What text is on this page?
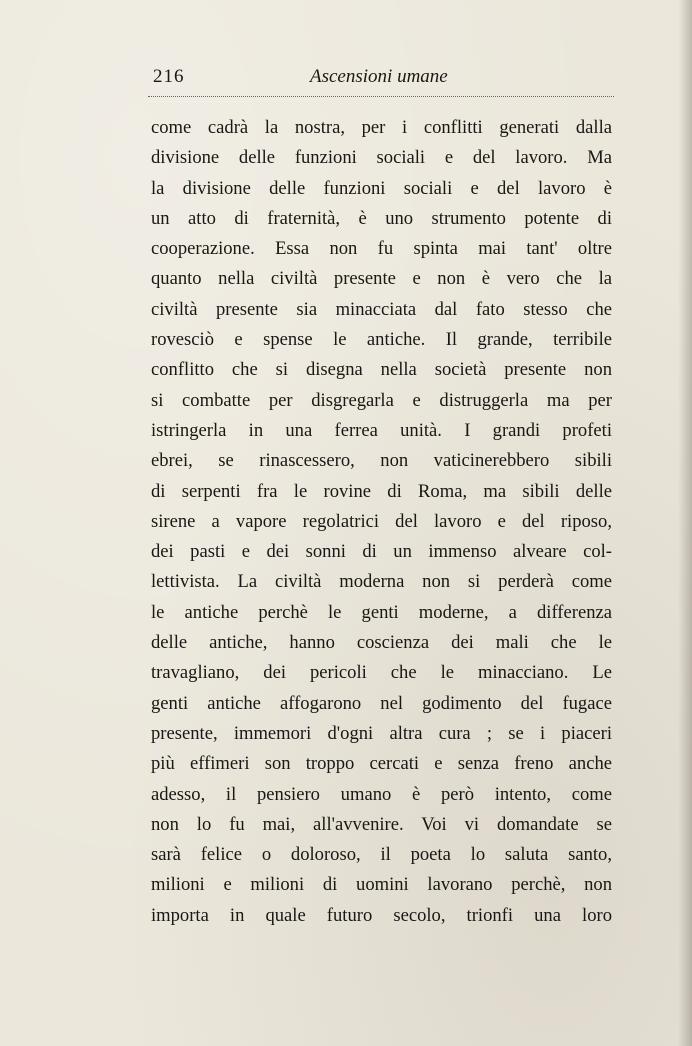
216	Ascensioni umane
come cadrà la nostra, per i conflitti generati dalla
divisione delle funzioni sociali e del lavoro. Ma
la divisione delle funzioni sociali e del lavoro è
un atto di fraternità, è uno strumento potente di
cooperazione. Essa non fu spinta mai tant' oltre
quanto nella civiltà presente e non è vero che la
civiltà presente sia minacciata dal fato stesso che
rovesciò e spense le antiche. Il grande, terribile
conflitto che si disegna nella società presente non
si combatte per disgregarla e distruggerla ma per
istringerla in una ferrea unità. I grandi profeti
ebrei, se rinascessero, non vaticinerebbero sibili
di serpenti fra le rovine di Roma, ma sibili delle
sirene a vapore regolatrici del lavoro e del riposo,
dei pasti e dei sonni di un immenso alveare col-
lettivista. La civiltà moderna non si perderà come
le antiche perchè le genti moderne, a differenza
delle antiche, hanno coscienza dei mali che le
travagliano, dei pericoli che le minacciano. Le
genti antiche affogarono nel godimento del fugace
presente, immemori d'ogni altra cura ; se i piaceri
più effimeri son troppo cercati e senza freno anche
adesso, il pensiero umano è però intento, come
non lo fu mai, all'avvenire. Voi vi domandate se
sarà felice o doloroso, il poeta lo saluta santo,
milioni e milioni di uomini lavorano perchè, non
importa in quale futuro secolo, trionfi una loro
